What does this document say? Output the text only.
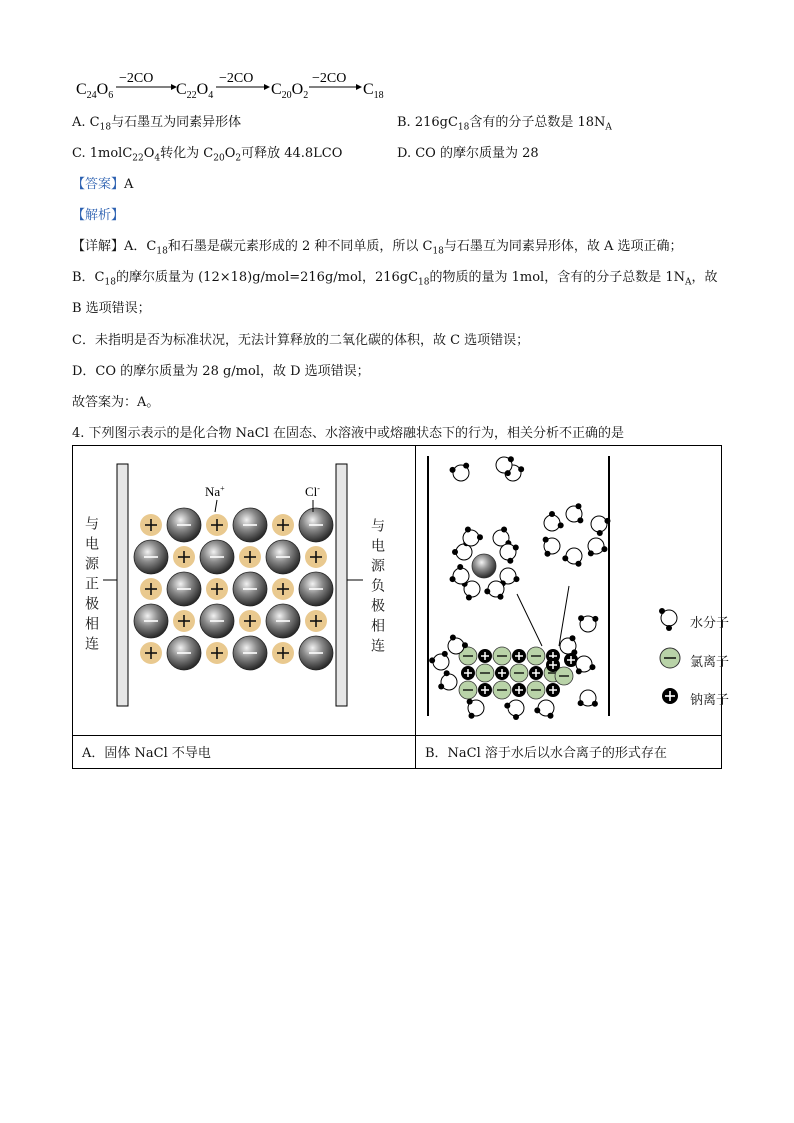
$C_{24}O_6$
−2CO
$C_{22}O_4$
−2CO
$C_{20}O_2$
−2CO
$C_{18}$
A. $C_{18}$与石墨互为同素异形体	B. $216gC_{18}$含有的分子总数是 $18N_A$
C. $1molC_{22}O_4$转化为 $C_{20}O_2$可释放 44.8LCO	D. CO 的摩尔质量为 28
【答案】A
【解析】
【详解】A．$C_{18}$和石墨是碳元素形成的 2 种不同单质，所以 $C_{18}$与石墨互为同素异形体，故 A 选项正确；
B．$C_{18}$的摩尔质量为 (12×18)g/mol=216g/mol，$216gC_{18}$的物质的量为 1mol，含有的分子总数是 $1N_A$，故
B 选项错误；
C．未指明是否为标准状况，无法计算释放的二氧化碳的体积，故 C 选项错误；
D．CO 的摩尔质量为 28 g/mol，故 D 选项错误；
故答案为：A。
4. 下列图示表示的是化合物 NaCl 在固态、水溶液中或熔融状态下的行为，相关分析不正确的是
Na+	Cl-
与电源正极相连	与电源负极相连	水分子
氯离子
钠离子
A．固体 NaCl 不导电	B．NaCl 溶于水后以水合离子的形式存在
